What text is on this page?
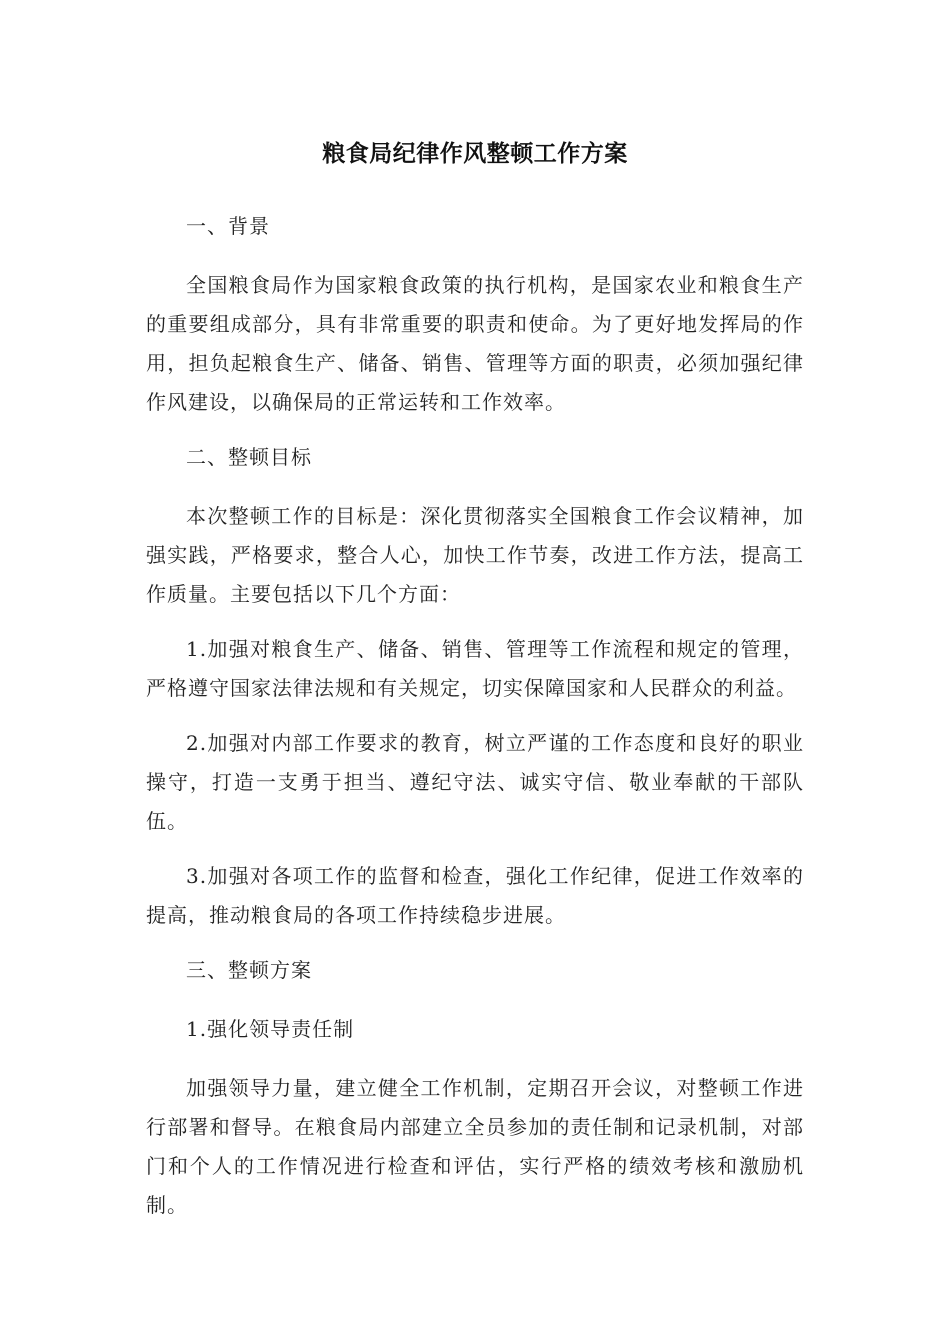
粮食局纪律作风整顿工作方案

一、背景

全国粮食局作为国家粮食政策的执行机构，是国家农业和粮食生产的重要组成部分，具有非常重要的职责和使命。为了更好地发挥局的作用，担负起粮食生产、储备、销售、管理等方面的职责，必须加强纪律作风建设，以确保局的正常运转和工作效率。

二、整顿目标

本次整顿工作的目标是：深化贯彻落实全国粮食工作会议精神，加强实践，严格要求，整合人心，加快工作节奏，改进工作方法，提高工作质量。主要包括以下几个方面：

1.加强对粮食生产、储备、销售、管理等工作流程和规定的管理，严格遵守国家法律法规和有关规定，切实保障国家和人民群众的利益。

2.加强对内部工作要求的教育，树立严谨的工作态度和良好的职业操守，打造一支勇于担当、遵纪守法、诚实守信、敬业奉献的干部队伍。

3.加强对各项工作的监督和检查，强化工作纪律，促进工作效率的提高，推动粮食局的各项工作持续稳步进展。

三、整顿方案

1.强化领导责任制

加强领导力量，建立健全工作机制，定期召开会议，对整顿工作进行部署和督导。在粮食局内部建立全员参加的责任制和记录机制，对部门和个人的工作情况进行检查和评估，实行严格的绩效考核和激励机制。
